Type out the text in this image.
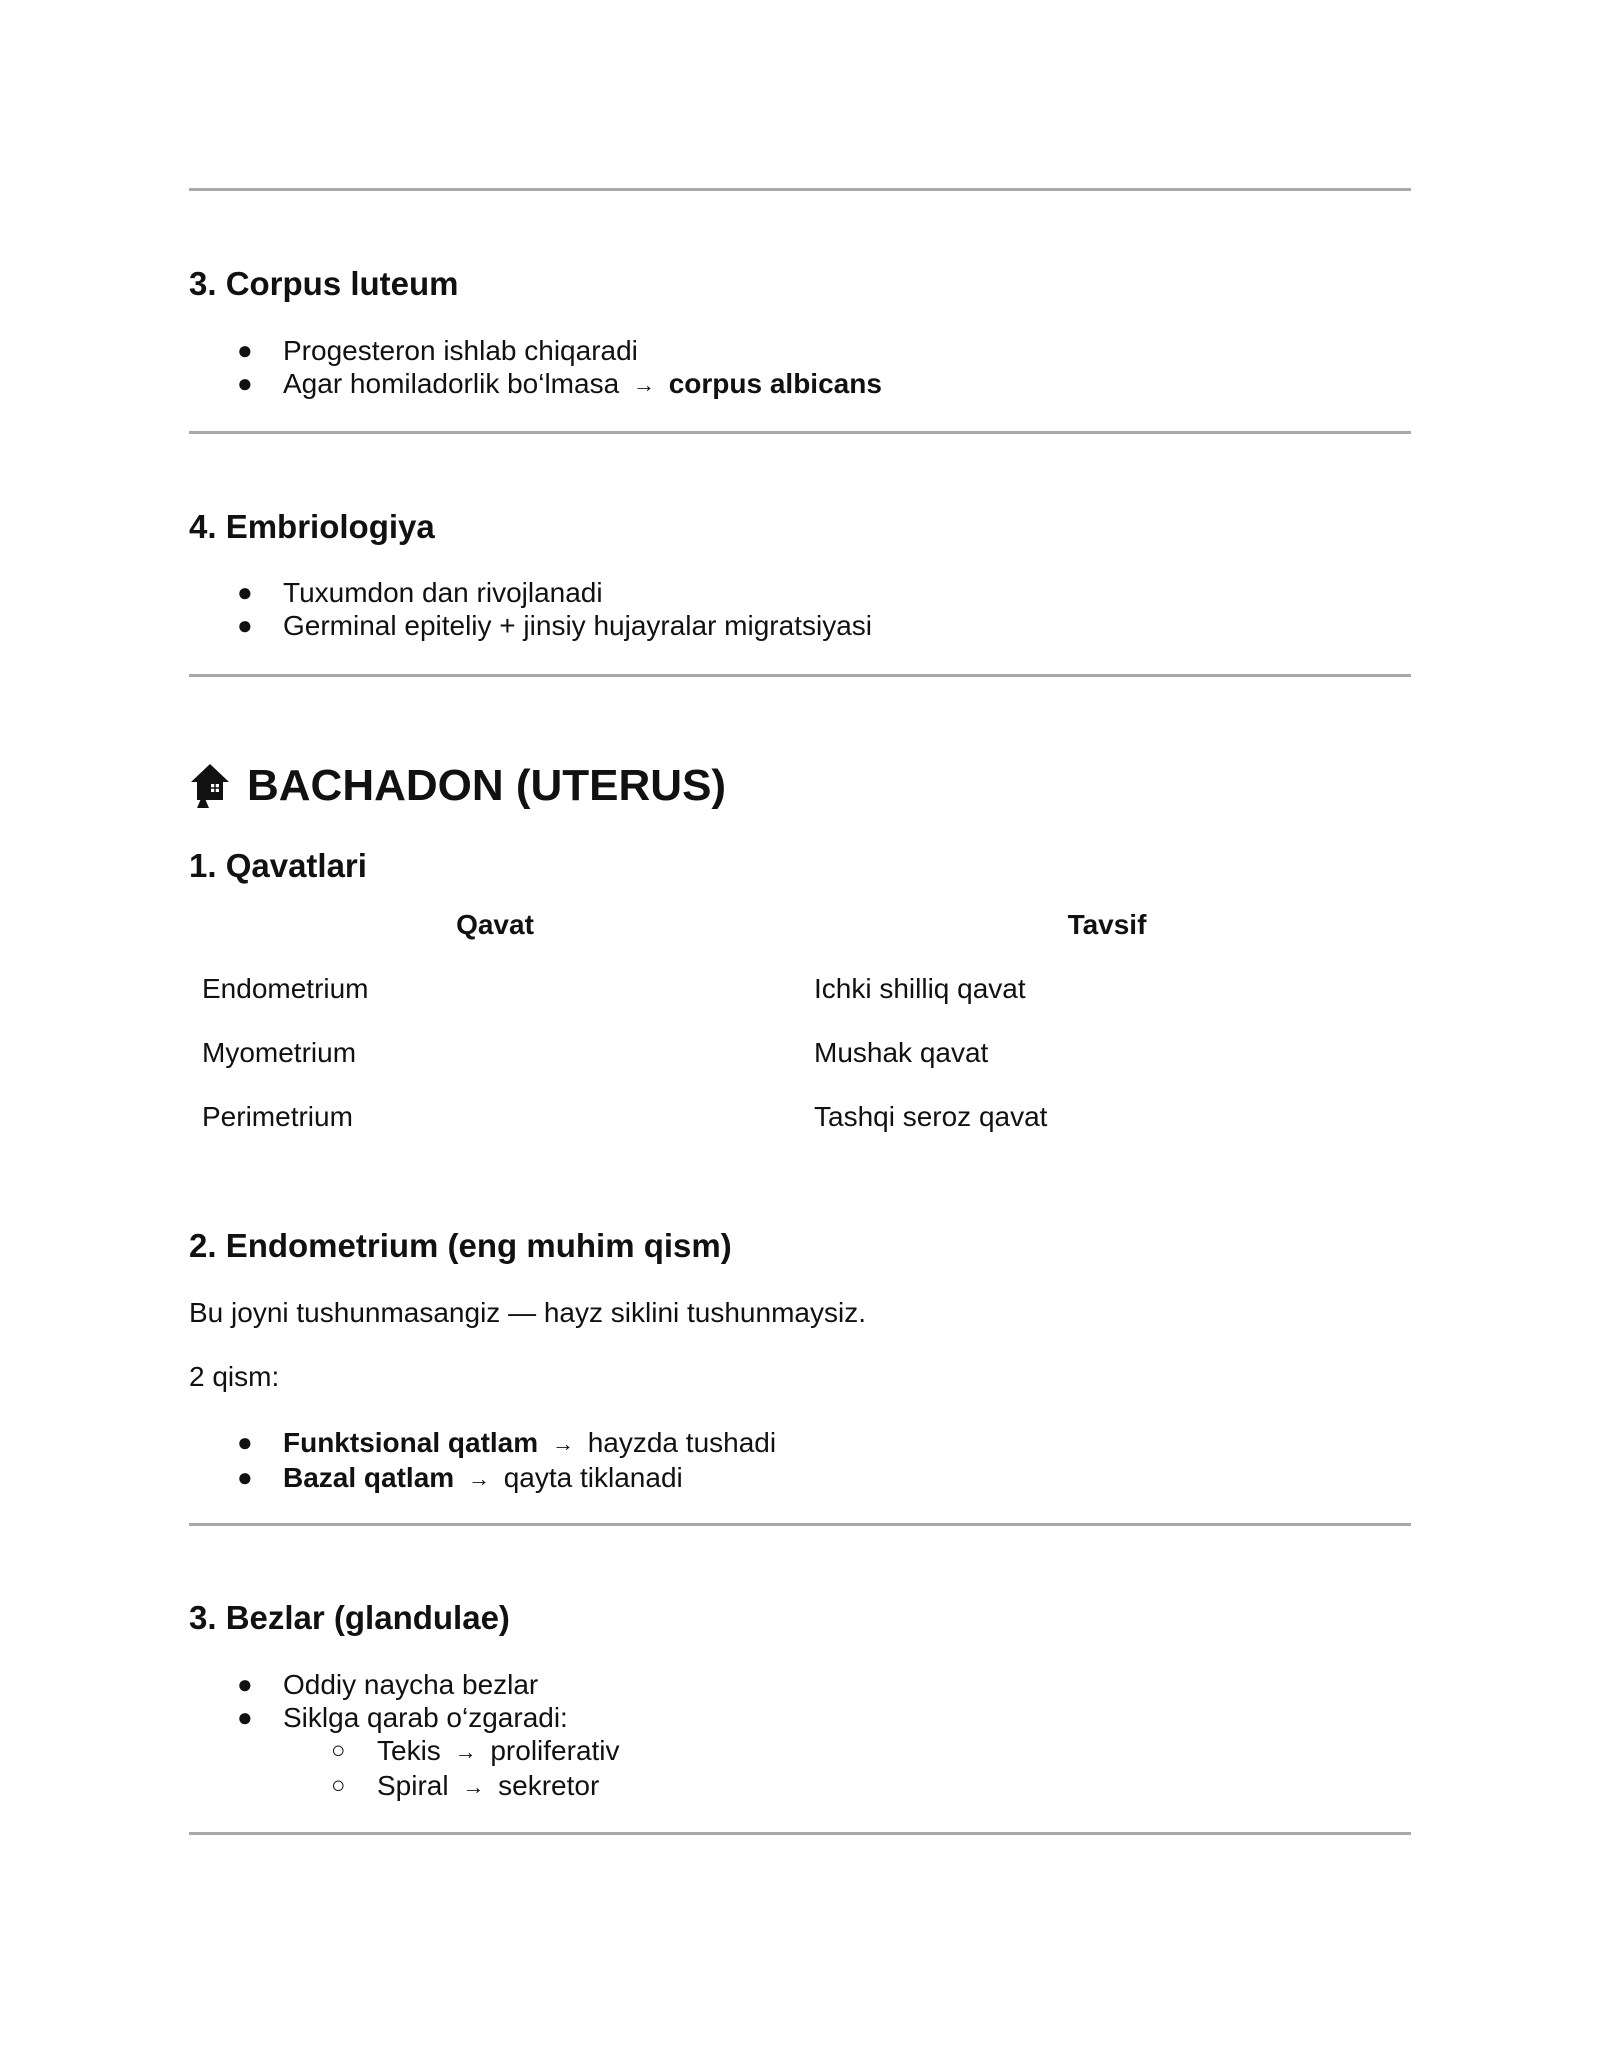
3. Corpus luteum
●	Progesteron ishlab chiqaradi
●	Agar homiladorlik bo‘lmasa → corpus albicans
4. Embriologiya
●	Tuxumdon dan rivojlanadi
●	Germinal epiteliy + jinsiy hujayralar migratsiyasi
BACHADON (UTERUS)
1. Qavatlari
Qavat	Tavsif
Endometrium	Ichki shilliq qavat
Myometrium	Mushak qavat
Perimetrium	Tashqi seroz qavat
2. Endometrium (eng muhim qism)

Bu joyni tushunmasangiz — hayz siklini tushunmaysiz.

2 qism:

●	Funktsional qatlam → hayzda tushadi
●	Bazal qatlam → qayta tiklanadi
3. Bezlar (glandulae)
●	Oddiy naycha bezlar
●	Siklga qarab o‘zgaradi:
○	Tekis → proliferativ
○	Spiral → sekretor
